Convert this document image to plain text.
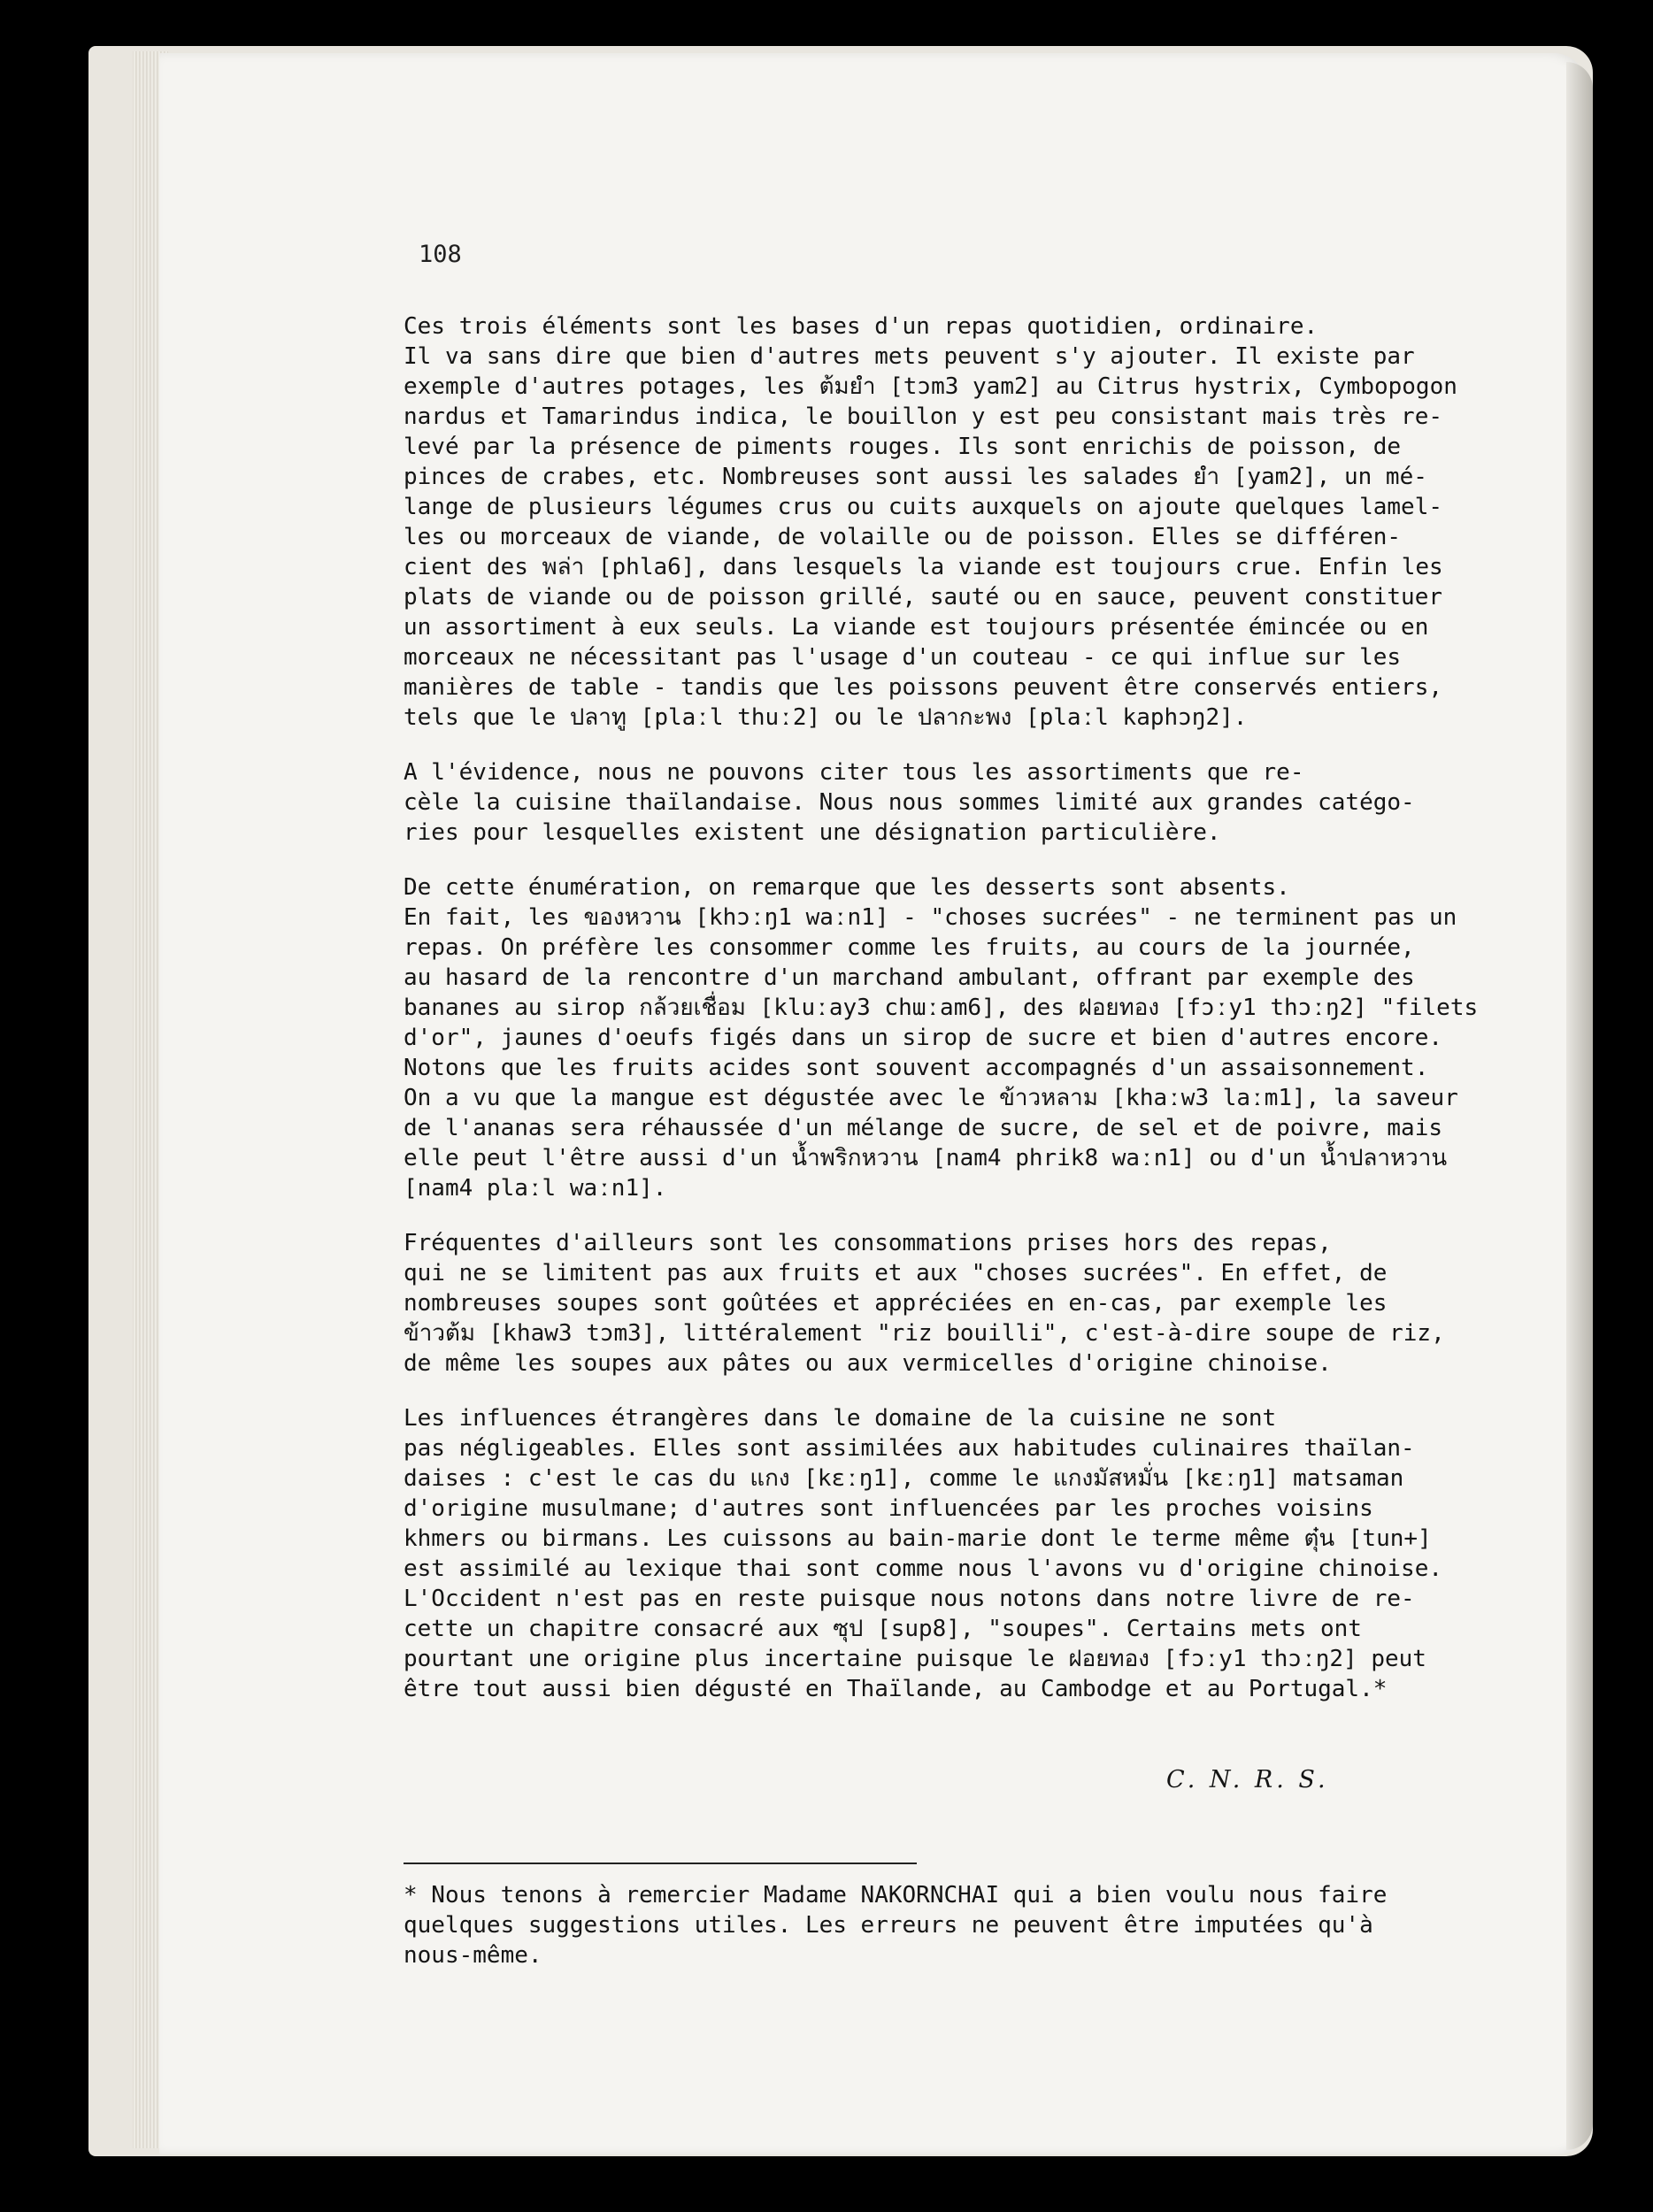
108
Ces trois éléments sont les bases d'un repas quotidien, ordinaire.
Il va sans dire que bien d'autres mets peuvent s'y ajouter. Il existe par
exemple d'autres potages, les ต้มยำ [tɔm3 yam2] au Citrus hystrix, Cymbopogon
nardus et Tamarindus indica, le bouillon y est peu consistant mais très re-
levé par la présence de piments rouges. Ils sont enrichis de poisson, de
pinces de crabes, etc. Nombreuses sont aussi les salades ยำ [yam2], un mé-
lange de plusieurs légumes crus ou cuits auxquels on ajoute quelques lamel-
les ou morceaux de viande, de volaille ou de poisson. Elles se différen-
cient des พล่า [phla6], dans lesquels la viande est toujours crue. Enfin les
plats de viande ou de poisson grillé, sauté ou en sauce, peuvent constituer
un assortiment à eux seuls. La viande est toujours présentée émincée ou en
morceaux ne nécessitant pas l'usage d'un couteau - ce qui influe sur les
manières de table - tandis que les poissons peuvent être conservés entiers,
tels que le ปลาทู [plaːl thuː2] ou le ปลากะพง [plaːl kaphɔŋ2].
A l'évidence, nous ne pouvons citer tous les assortiments que re-
cèle la cuisine thaïlandaise. Nous nous sommes limité aux grandes catégo-
ries pour lesquelles existent une désignation particulière.
De cette énumération, on remarque que les desserts sont absents.
En fait, les ของหวาน [khɔːŋ1 waːn1] - "choses sucrées" - ne terminent pas un
repas. On préfère les consommer comme les fruits, au cours de la journée,
au hasard de la rencontre d'un marchand ambulant, offrant par exemple des
bananes au sirop กล้วยเชื่อม [kluːay3 chɯːam6], des ฝอยทอง [fɔːy1 thɔːŋ2] "filets
d'or", jaunes d'oeufs figés dans un sirop de sucre et bien d'autres encore.
Notons que les fruits acides sont souvent accompagnés d'un assaisonnement.
On a vu que la mangue est dégustée avec le ข้าวหลาม [khaːw3 laːm1], la saveur
de l'ananas sera réhaussée d'un mélange de sucre, de sel et de poivre, mais
elle peut l'être aussi d'un น้ำพริกหวาน [nam4 phrik8 waːn1] ou d'un น้ำปลาหวาน
[nam4 plaːl waːn1].
Fréquentes d'ailleurs sont les consommations prises hors des repas,
qui ne se limitent pas aux fruits et aux "choses sucrées". En effet, de
nombreuses soupes sont goûtées et appréciées en en-cas, par exemple les
ข้าวต้ม [khaw3 tɔm3], littéralement "riz bouilli", c'est-à-dire soupe de riz,
de même les soupes aux pâtes ou aux vermicelles d'origine chinoise.
Les influences étrangères dans le domaine de la cuisine ne sont
pas négligeables. Elles sont assimilées aux habitudes culinaires thaïlan-
daises : c'est le cas du แกง [kɛːŋ1], comme le แกงมัสหมั่น [kɛːŋ1] matsaman
d'origine musulmane; d'autres sont influencées par les proches voisins
khmers ou birmans. Les cuissons au bain-marie dont le terme même ตุ๋น [tun+]
est assimilé au lexique thai sont comme nous l'avons vu d'origine chinoise.
L'Occident n'est pas en reste puisque nous notons dans notre livre de re-
cette un chapitre consacré aux ซุป [sup8], "soupes". Certains mets ont
pourtant une origine plus incertaine puisque le ฝอยทอง [fɔːy1 thɔːŋ2] peut
être tout aussi bien dégusté en Thaïlande, au Cambodge et au Portugal.*
C. N. R. S.
* Nous tenons à remercier Madame NAKORNCHAI qui a bien voulu nous faire
quelques suggestions utiles. Les erreurs ne peuvent être imputées qu'à
nous-même.
